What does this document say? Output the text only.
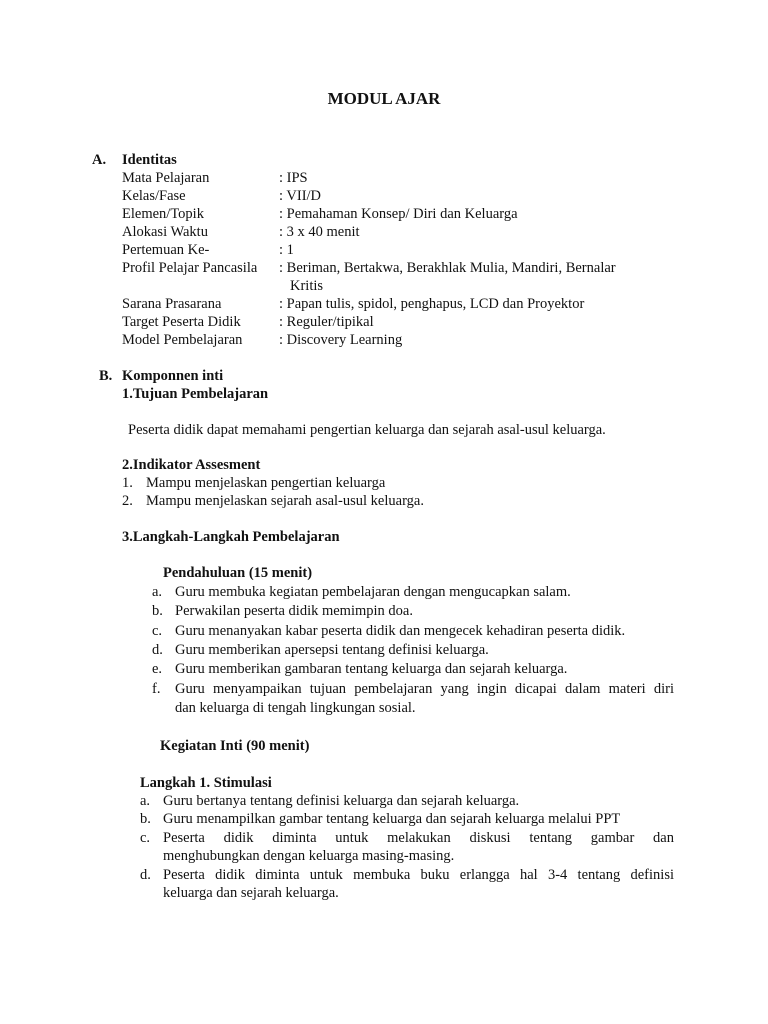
MODUL AJAR
A. Identitas
Mata Pelajaran	: IPS
Kelas/Fase	: VII/D
Elemen/Topik	: Pemahaman Konsep/ Diri dan Keluarga
Alokasi Waktu	: 3 x 40 menit
Pertemuan Ke-	: 1
Profil Pelajar Pancasila : Beriman, Bertakwa, Berakhlak Mulia, Mandiri, Bernalar
Kritis
Sarana Prasarana	: Papan tulis, spidol, penghapus, LCD dan Proyektor
Target Peserta Didik	: Reguler/tipikal
Model Pembelajaran	: Discovery Learning
B. Komponnen inti
1.Tujuan Pembelajaran
Peserta didik dapat memahami pengertian keluarga dan sejarah asal-usul keluarga.
2.Indikator Assesment
1. Mampu menjelaskan pengertian keluarga
2. Mampu menjelaskan sejarah asal-usul keluarga.
3.Langkah-Langkah Pembelajaran
Pendahuluan (15 menit)
a. Guru membuka kegiatan pembelajaran dengan mengucapkan salam.
b. Perwakilan peserta didik memimpin doa.
c. Guru menanyakan kabar peserta didik dan mengecek kehadiran peserta didik.
d. Guru memberikan apersepsi tentang definisi keluarga.
e. Guru memberikan gambaran tentang keluarga dan sejarah keluarga.
f. Guru menyampaikan tujuan pembelajaran yang ingin dicapai dalam materi diri
dan keluarga di tengah lingkungan sosial.
Kegiatan Inti (90 menit)
Langkah 1. Stimulasi
a. Guru bertanya tentang definisi keluarga dan sejarah keluarga.
b. Guru menampilkan gambar tentang keluarga dan sejarah keluarga melalui PPT
c. Peserta didik diminta untuk melakukan diskusi tentang gambar dan
menghubungkan dengan keluarga masing-masing.
d. Peserta didik diminta untuk membuka buku erlangga hal 3-4 tentang definisi
keluarga dan sejarah keluarga.
